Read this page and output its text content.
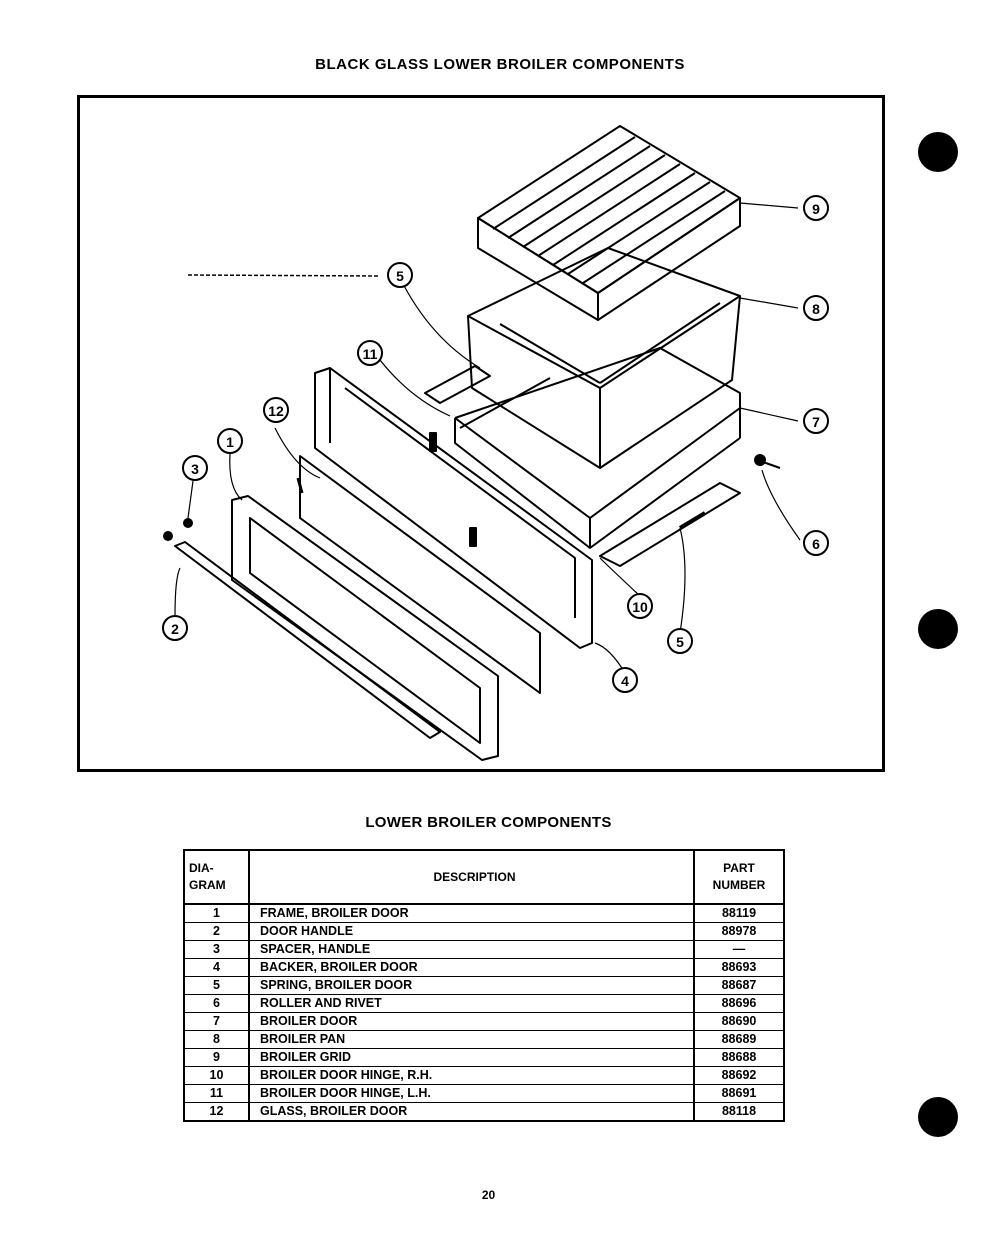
BLACK GLASS LOWER BROILER COMPONENTS
9
8
5
11
7
12
1
3
6
2
10
5
4
LOWER BROILER COMPONENTS
DIA-
GRAM	DESCRIPTION	PART
NUMBER
1	FRAME, BROILER DOOR	88119
2	DOOR HANDLE	88978
3	SPACER, HANDLE	—
4	BACKER, BROILER DOOR	88693
5	SPRING, BROILER DOOR	88687
6	ROLLER AND RIVET	88696
7	BROILER DOOR	88690
8	BROILER PAN	88689
9	BROILER GRID	88688
10	BROILER DOOR HINGE, R.H.	88692
11	BROILER DOOR HINGE, L.H.	88691
12	GLASS, BROILER DOOR	88118
20
